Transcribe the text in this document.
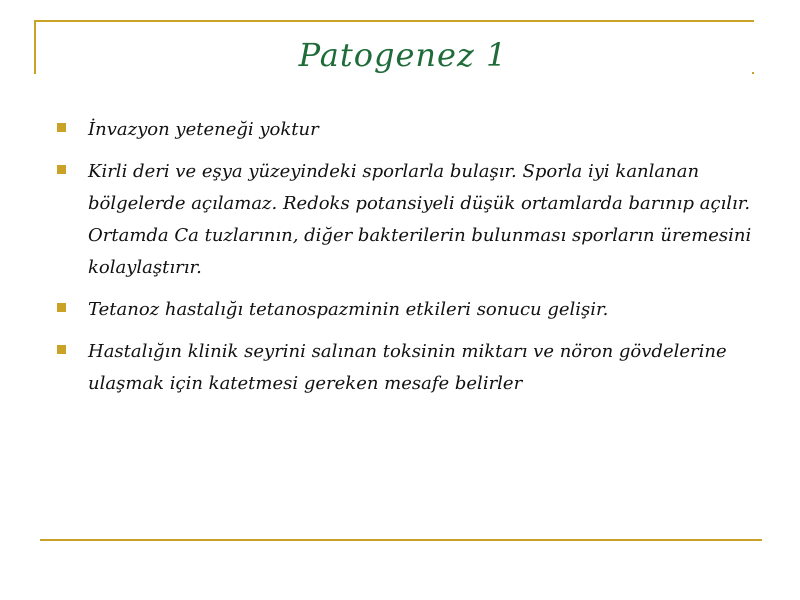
Patogenez 1
İnvazyon yeteneği yoktur
Kirli deri ve eşya yüzeyindeki sporlarla bulaşır. Sporla iyi kanlanan bölgelerde açılamaz. Redoks potansiyeli düşük ortamlarda barınıp açılır. Ortamda Ca tuzlarının, diğer bakterilerin bulunması sporların üremesini kolaylaştırır.
Tetanoz hastalığı tetanospazminin etkileri sonucu gelişir.
Hastalığın klinik seyrini salınan toksinin miktarı ve nöron gövdelerine ulaşmak için katetmesi gereken mesafe belirler
